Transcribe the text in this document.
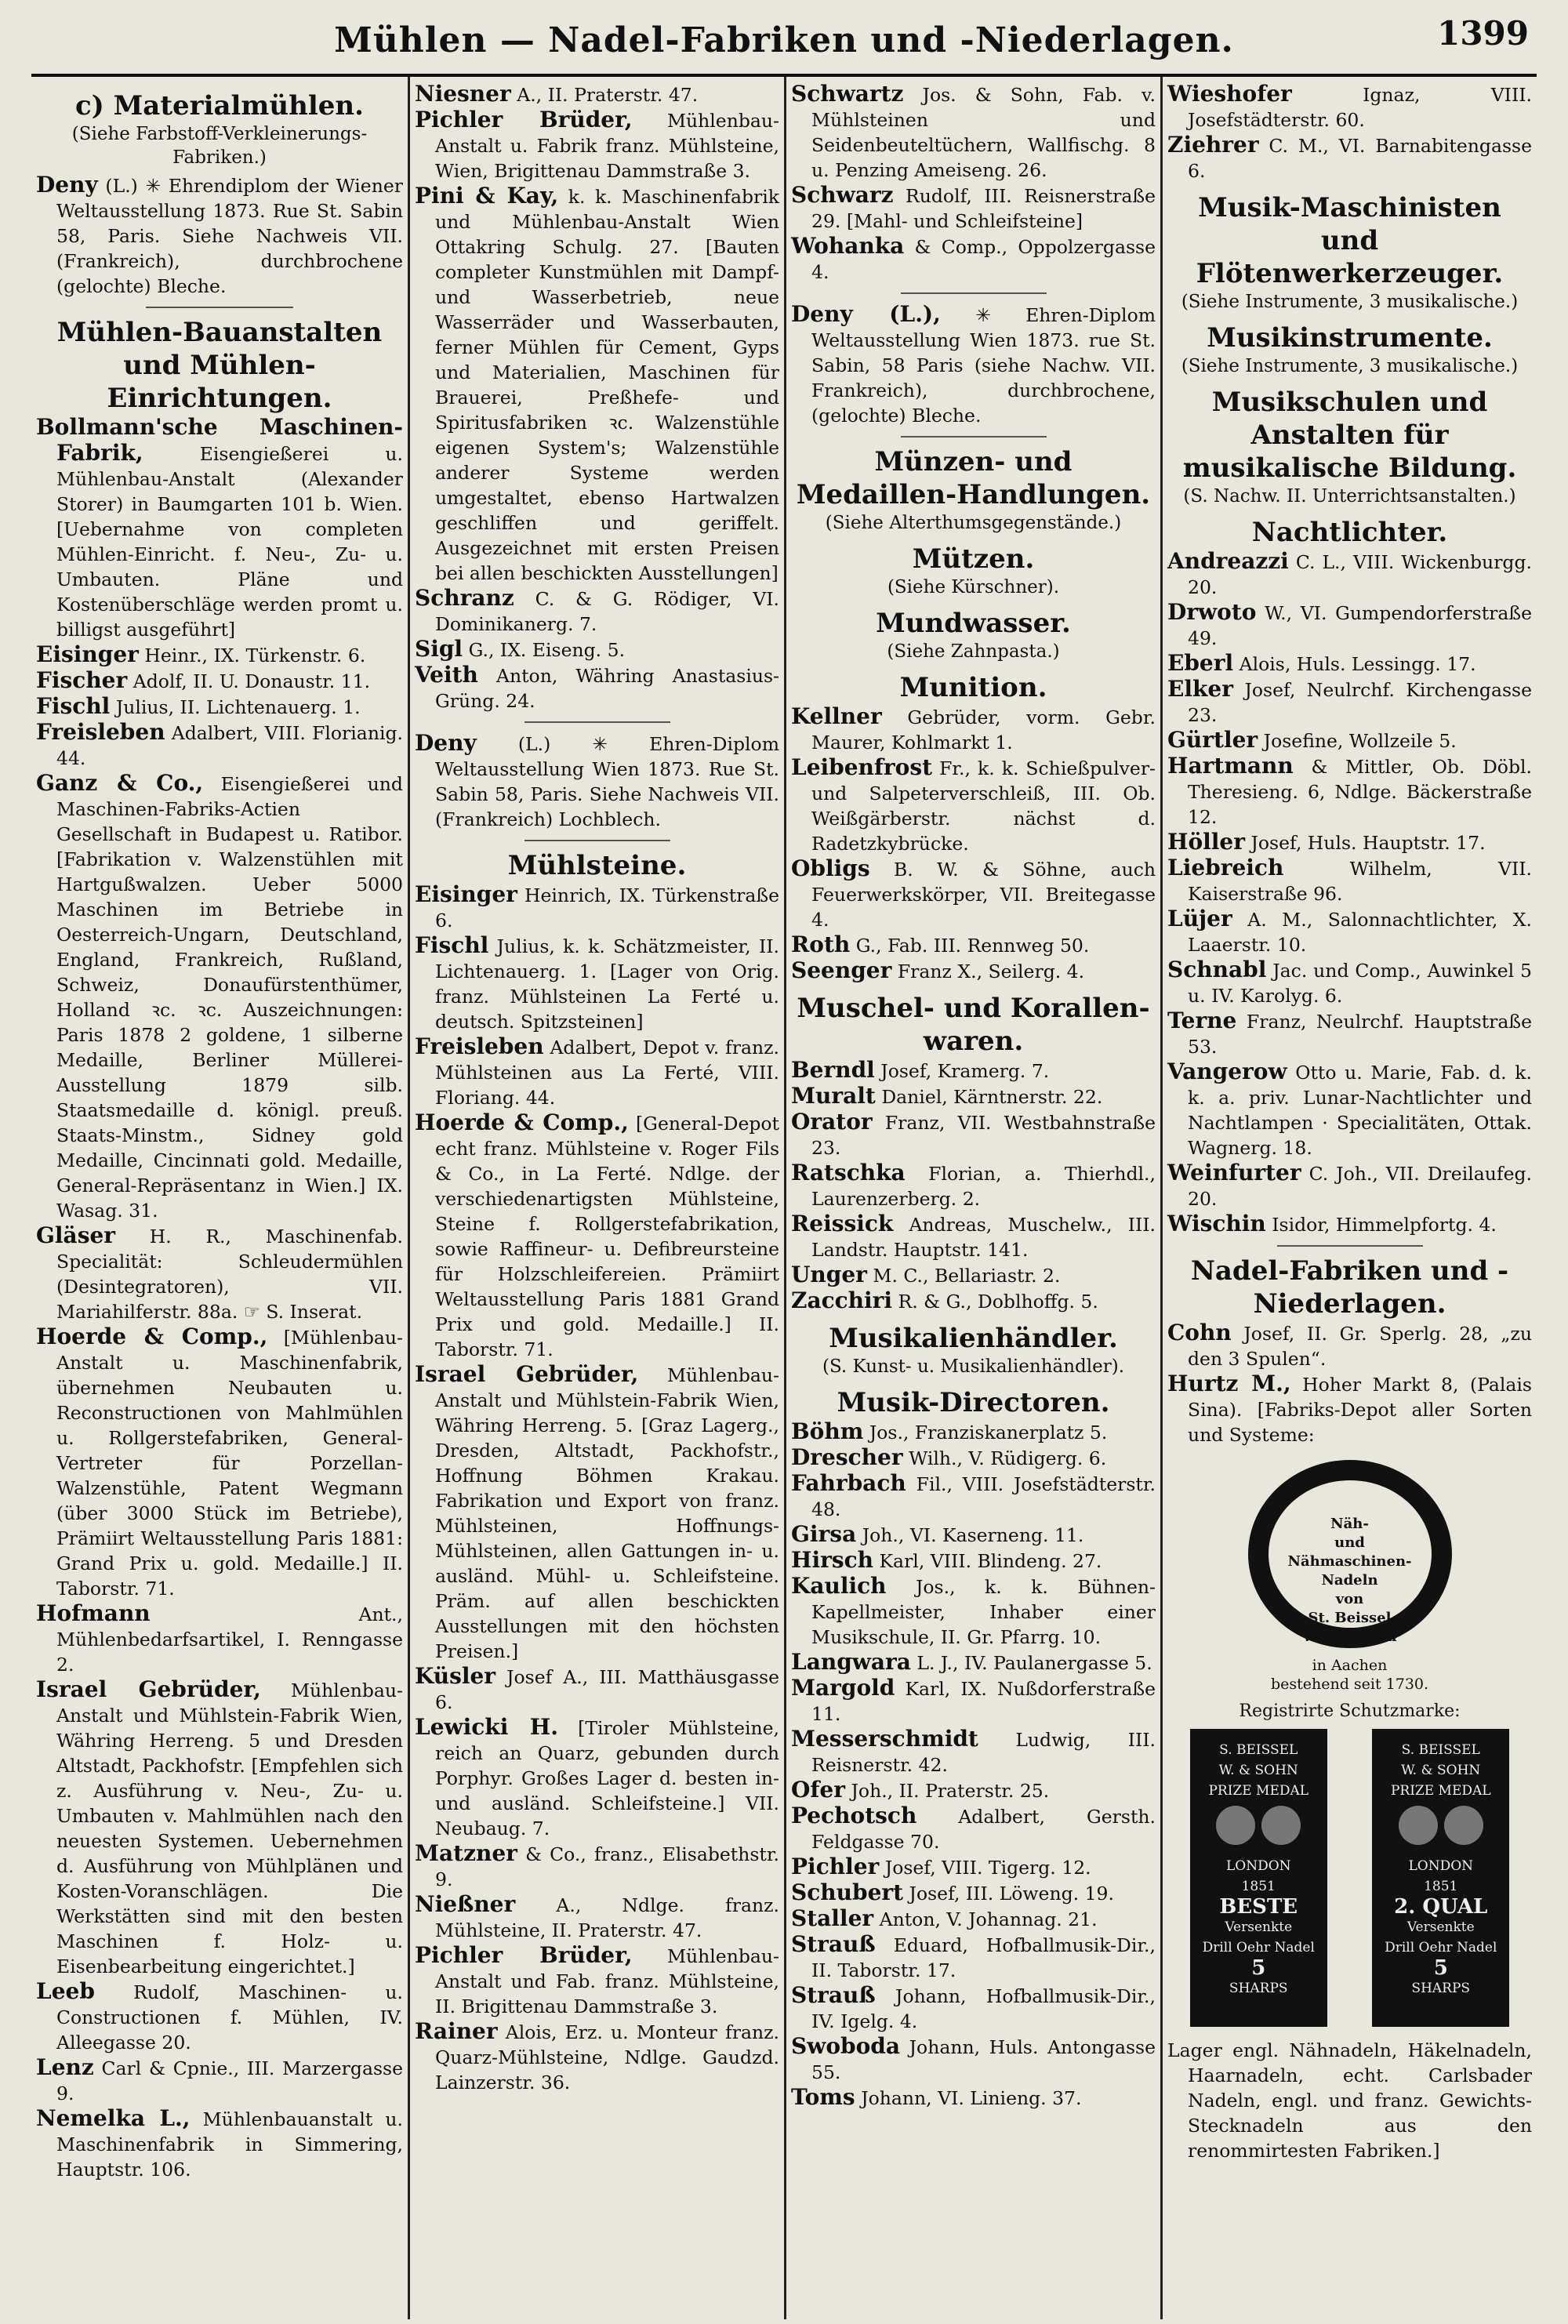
Mühlen — Nadel-Fabriken und -Niederlagen.	1399
c) Materialmühlen.
(Siehe Farbstoff-Verkleinerungs-Fabriken.)

Deny (L.) ✳ Ehrendiplom der Wiener Weltausstellung 1873. Rue St. Sabin 58, Paris. Siehe Nachweis VII. (Frankreich), durchbrochene (gelochte) Bleche.

Mühlen-Bauanstalten und Mühlen-Einrichtungen.

Bollmann'sche Maschinen-Fabrik,	Eisengießerei u. Mühlenbau-Anstalt (Alexander Storer) in Baumgarten 101 b. Wien. [Uebernahme von completen Mühlen-Einricht. f. Neu-, Zu- u. Umbauten. Pläne und Kostenüberschläge werden promt u. billigst ausgeführt]

Eisinger Heinr., IX. Türkenstr. 6.

Fischer Adolf, II. U. Donaustr. 11.

Fischl Julius, II. Lichtenauerg. 1.

Freisleben Adalbert, VIII. Florianig. 44.

Ganz & Co., Eisengießerei und Maschinen-Fabriks-Actien Gesellschaft in Budapest u. Ratibor. [Fabrikation v. Walzenstühlen mit Hartgußwalzen. Ueber 5000 Maschinen im Betriebe in Oesterreich-Ungarn, Deutschland, England, Frankreich, Rußland, Schweiz, Donaufürstenthümer, Holland ꝛc. ꝛc. Auszeichnungen: Paris 1878 2 goldene, 1 silberne Medaille, Berliner Müllerei-Ausstellung 1879 silb. Staatsmedaille d. königl. preuß. Staats-Minstm., Sidney gold Medaille, Cincinnati gold. Medaille, General-Repräsentanz in Wien.] IX. Wasag. 31.

Gläser H. R., Maschinenfab. Specialität: Schleudermühlen (Desintegratoren), VII. Mariahilferstr. 88a. ☞ S. Inserat.

Hoerde & Comp., [Mühlenbau-Anstalt u. Maschinenfabrik, übernehmen Neubauten u. Reconstructionen von Mahlmühlen u. Rollgerstefabriken, General-Vertreter für Porzellan-Walzenstühle, Patent Wegmann (über 3000 Stück im Betriebe), Prämiirt Weltausstellung Paris 1881: Grand Prix u. gold. Medaille.] II. Taborstr. 71.

Hofmann	Ant., Mühlenbedarfsartikel, I. Renngasse 2.

Israel Gebrüder, Mühlenbau-Anstalt und Mühlstein-Fabrik Wien, Währing Herreng. 5 und Dresden Altstadt, Packhofstr. [Empfehlen sich z. Ausführung v. Neu-, Zu- u. Umbauten v. Mahlmühlen nach den neuesten Systemen. Uebernehmen d. Ausführung von Mühlplänen und Kosten-Voranschlägen. Die Werkstätten sind mit den besten Maschinen f. Holz- u. Eisenbearbeitung eingerichtet.]

Leeb Rudolf, Maschinen- u. Constructionen f. Mühlen, IV. Alleegasse 20.

Lenz Carl & Cpnie., III. Marzergasse 9.

Nemelka L., Mühlenbauanstalt u. Maschinenfabrik in Simmering, Hauptstr. 106.

Niesner A., II. Praterstr. 47.

Pichler Brüder, Mühlenbau-Anstalt u. Fabrik franz. Mühlsteine, Wien, Brigittenau Dammstraße 3.

Pini & Kay, k. k. Maschinenfabrik und Mühlenbau-Anstalt Wien Ottakring Schulg. 27. [Bauten completer Kunstmühlen mit Dampf- und Wasserbetrieb, neue Wasserräder und Wasserbauten, ferner Mühlen für Cement, Gyps und Materialien, Maschinen für Brauerei, Preßhefe- und Spiritusfabriken ꝛc. Walzenstühle eigenen System's; Walzenstühle anderer Systeme werden umgestaltet, ebenso Hartwalzen geschliffen und geriffelt. Ausgezeichnet mit ersten Preisen bei allen beschickten Ausstellungen]

Schranz C. & G. Rödiger, VI. Dominikanerg. 7.

Sigl G., IX. Eiseng. 5.

Veith Anton, Währing Anastasius-Grüng. 24.

Deny (L.) ✳ Ehren-Diplom Weltausstellung Wien 1873. Rue St. Sabin 58, Paris. Siehe Nachweis VII. (Frankreich) Lochblech.

Mühlsteine.

Eisinger Heinrich, IX. Türkenstraße 6.

Fischl Julius, k. k. Schätzmeister, II. Lichtenauerg. 1. [Lager von Orig. franz. Mühlsteinen La Ferté u. deutsch. Spitzsteinen]

Freisleben Adalbert, Depot v. franz. Mühlsteinen aus La Ferté, VIII. Floriang. 44.

Hoerde & Comp., [General-Depot echt franz. Mühlsteine v. Roger Fils & Co., in La Ferté. Ndlge. der verschiedenartigsten Mühlsteine, Steine f. Rollgerstefabrikation, sowie Raffineur- u. Defibreursteine für Holzschleifereien. Prämiirt Weltausstellung Paris 1881 Grand Prix und gold. Medaille.] II. Taborstr. 71.

Israel Gebrüder, Mühlenbau-Anstalt und Mühlstein-Fabrik Wien, Währing Herreng. 5. [Graz Lagerg., Dresden, Altstadt, Packhofstr., Hoffnung Böhmen Krakau. Fabrikation und Export von franz. Mühlsteinen, Hoffnungs-Mühlsteinen, allen Gattungen in- u. ausländ. Mühl- u. Schleifsteine. Präm. auf allen beschickten Ausstellungen mit den höchsten Preisen.]

Küsler Josef A., III. Matthäusgasse 6.

Lewicki H. [Tiroler Mühlsteine, reich an Quarz, gebunden durch Porphyr. Großes Lager d. besten in- und ausländ. Schleifsteine.] VII. Neubaug. 7.

Matzner & Co., franz., Elisabethstr. 9.

Nießner A., Ndlge. franz. Mühlsteine, II. Praterstr. 47.

Pichler Brüder, Mühlenbau-Anstalt und Fab. franz. Mühlsteine, II. Brigittenau Dammstraße 3.

Rainer Alois, Erz. u. Monteur franz. Quarz-Mühlsteine, Ndlge. Gaudzd. Lainzerstr. 36.

Schwartz Jos. & Sohn, Fab. v. Mühlsteinen und Seidenbeuteltüchern, Wallfischg. 8 u. Penzing Ameiseng. 26.

Schwarz Rudolf, III. Reisnerstraße 29. [Mahl- und Schleifsteine]

Wohanka & Comp., Oppolzergasse 4.

Deny (L.), ✳ Ehren-Diplom Weltausstellung Wien 1873. rue St. Sabin, 58 Paris (siehe Nachw. VII. Frankreich), durchbrochene, (gelochte) Bleche.

Münzen- und Medaillen-Handlungen.
(Siehe Alterthumsgegenstände.)
Mützen.
(Siehe Kürschner).
Mundwasser.
(Siehe Zahnpasta.)
Munition.

Kellner Gebrüder, vorm. Gebr. Maurer, Kohlmarkt 1.

Leibenfrost Fr., k. k. Schießpulver- und Salpeterverschleiß, III. Ob. Weißgärberstr. nächst d. Radetzkybrücke.

Obligs B. W. & Söhne, auch Feuerwerkskörper, VII. Breitegasse 4.

Roth G., Fab. III. Rennweg 50.

Seenger Franz X., Seilerg. 4.

Muschel- und Korallen-waren.

Berndl Josef, Kramerg. 7.

Muralt Daniel, Kärntnerstr. 22.

Orator Franz, VII. Westbahnstraße 23.

Ratschka Florian, a. Thierhdl., Laurenzerberg. 2.

Reissick Andreas, Muschelw., III. Landstr. Hauptstr. 141.

Unger M. C., Bellariastr. 2.

Zacchiri R. & G., Doblhoffg. 5.

Musikalienhändler.
(S. Kunst- u. Musikalienhändler).
Musik-Directoren.

Böhm Jos., Franziskanerplatz 5.

Drescher Wilh., V. Rüdigerg. 6.

Fahrbach Fil., VIII. Josefstädterstr. 48.

Girsa Joh., VI. Kaserneng. 11.

Hirsch Karl, VIII. Blindeng. 27.

Kaulich Jos., k. k. Bühnen-Kapellmeister, Inhaber einer Musikschule, II. Gr. Pfarrg. 10.

Langwara L. J., IV. Paulanergasse 5.

Margold Karl, IX. Nußdorferstraße 11.

Messerschmidt Ludwig, III. Reisnerstr. 42.

Ofer Joh., II. Praterstr. 25.

Pechotsch Adalbert, Gersth. Feldgasse 70.

Pichler Josef, VIII. Tigerg. 12.

Schubert Josef, III. Löweng. 19.

Staller Anton, V. Johannag. 21.

Strauß Eduard, Hofballmusik-Dir., II. Taborstr. 17.

Strauß Johann, Hofballmusik-Dir., IV. Igelg. 4.

Swoboda Johann, Huls. Antongasse 55.

Toms Johann, VI. Linieng. 37.

Wieshofer	Ignaz, VIII. Josefstädterstr. 60.

Ziehrer C. M., VI. Barnabitengasse 6.

Musik-Maschinisten und Flötenwerkerzeuger.
(Siehe Instrumente, 3 musikalische.)
Musikinstrumente.
(Siehe Instrumente, 3 musikalische.)
Musikschulen und Anstalten für musikalische Bildung.
(S. Nachw. II. Unterrichtsanstalten.)
Nachtlichter.

Andreazzi C. L., VIII. Wickenburgg. 20.

Drwoto W., VI. Gumpendorferstraße 49.

Eberl Alois, Huls. Lessingg. 17.

Elker Josef, Neulrchf. Kirchengasse 23.

Gürtler Josefine, Wollzeile 5.

Hartmann & Mittler, Ob. Döbl. Theresieng. 6, Ndlge. Bäckerstraße 12.

Höller Josef, Huls. Hauptstr. 17.

Liebreich	Wilhelm, VII. Kaiserstraße 96.

Lüjer A. M., Salonnachtlichter, X. Laaerstr. 10.

Schnabl Jac. und Comp., Auwinkel 5 u. IV. Karolyg. 6.

Terne Franz, Neulrchf. Hauptstraße 53.

Vangerow Otto u. Marie, Fab. d. k. k. a. priv. Lunar-Nachtlichter und Nachtlampen · Specialitäten, Ottak. Wagnerg. 18.

Weinfurter C. Joh., VII. Dreilaufeg. 20.

Wischin Isidor, Himmelpfortg. 4.

Nadel-Fabriken und -Niederlagen.

Cohn Josef, II. Gr. Sperlg. 28, „zu den 3 Spulen“.

Hurtz M., Hoher Markt 8, (Palais Sina). [Fabriks-Depot aller Sorten und Systeme:

Näh-
und
Nähmaschinen-
Nadeln
von
St. Beissel
Ww. & Sohn
in Aachen
bestehend seit 1730.
Registrirte Schutzmarke:
S. BEISSEL
W. & SOHN
PRIZE MEDAL
LONDON
1851
BESTE
Versenkte
Drill Oehr Nadel
5
SHARPS
S. BEISSEL
W. & SOHN
PRIZE MEDAL
LONDON
1851
2. QUAL
Versenkte
Drill Oehr Nadel
5
SHARPS

Lager engl. Nähnadeln, Häkelnadeln, Haarnadeln, echt. Carlsbader Nadeln, engl. und franz. Gewichts-Stecknadeln aus den renommirtesten Fabriken.]
